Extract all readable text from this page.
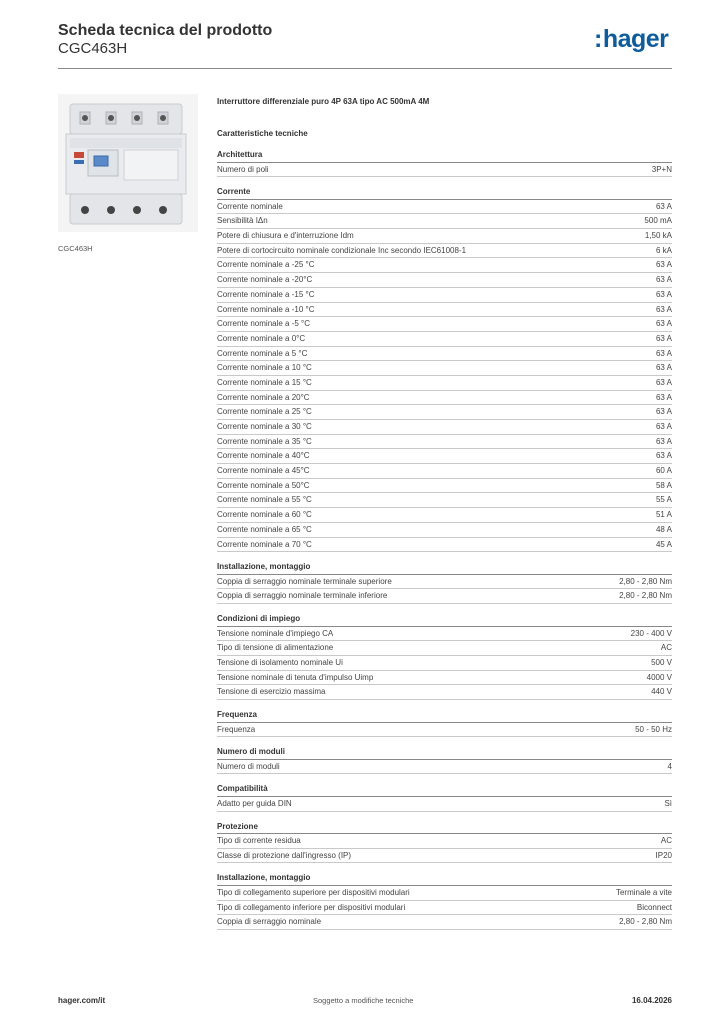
Scheda tecnica del prodotto
CGC463H	:hager
CGC463H
Interruttore differenziale puro 4P 63A tipo AC 500mA 4M
Caratteristiche tecniche
Architettura
Numero di poli	3P+N
Corrente
Corrente nominale	63 A
Sensibilità IΔn	500 mA
Potere di chiusura e d'interruzione Idm	1,50 kA
Potere di cortocircuito nominale condizionale Inc secondo IEC61008-1	6 kA
Corrente nominale a -25 °C	63 A
Corrente nominale a -20°C	63 A
Corrente nominale a -15 °C	63 A
Corrente nominale a -10 °C	63 A
Corrente nominale a -5 °C	63 A
Corrente nominale a 0°C	63 A
Corrente nominale a 5 °C	63 A
Corrente nominale a 10 °C	63 A
Corrente nominale a 15 °C	63 A
Corrente nominale a 20°C	63 A
Corrente nominale a 25 °C	63 A
Corrente nominale a 30 °C	63 A
Corrente nominale a 35 °C	63 A
Corrente nominale a 40°C	63 A
Corrente nominale a 45°C	60 A
Corrente nominale a 50°C	58 A
Corrente nominale a 55 °C	55 A
Corrente nominale a 60 °C	51 A
Corrente nominale a 65 °C	48 A
Corrente nominale a 70 °C	45 A
Installazione, montaggio
Coppia di serraggio nominale terminale superiore	2,80 - 2,80 Nm
Coppia di serraggio nominale terminale inferiore	2,80 - 2,80 Nm
Condizioni di impiego
Tensione nominale d'impiego CA	230 - 400 V
Tipo di tensione di alimentazione	AC
Tensione di isolamento nominale Ui	500 V
Tensione nominale di tenuta d'impulso Uimp	4000 V
Tensione di esercizio massima	440 V
Frequenza
Frequenza	50 - 50 Hz
Numero di moduli
Numero di moduli	4
Compatibilità
Adatto per guida DIN	Sì
Protezione
Tipo di corrente residua	AC
Classe di protezione dall'ingresso (IP)	IP20
Installazione, montaggio
Tipo di collegamento superiore per dispositivi modulari	Terminale a vite
Tipo di collegamento inferiore per dispositivi modulari	Biconnect
Coppia di serraggio nominale	2,80 - 2,80 Nm
hager.com/it	Soggetto a modifiche tecniche	16.04.2026
